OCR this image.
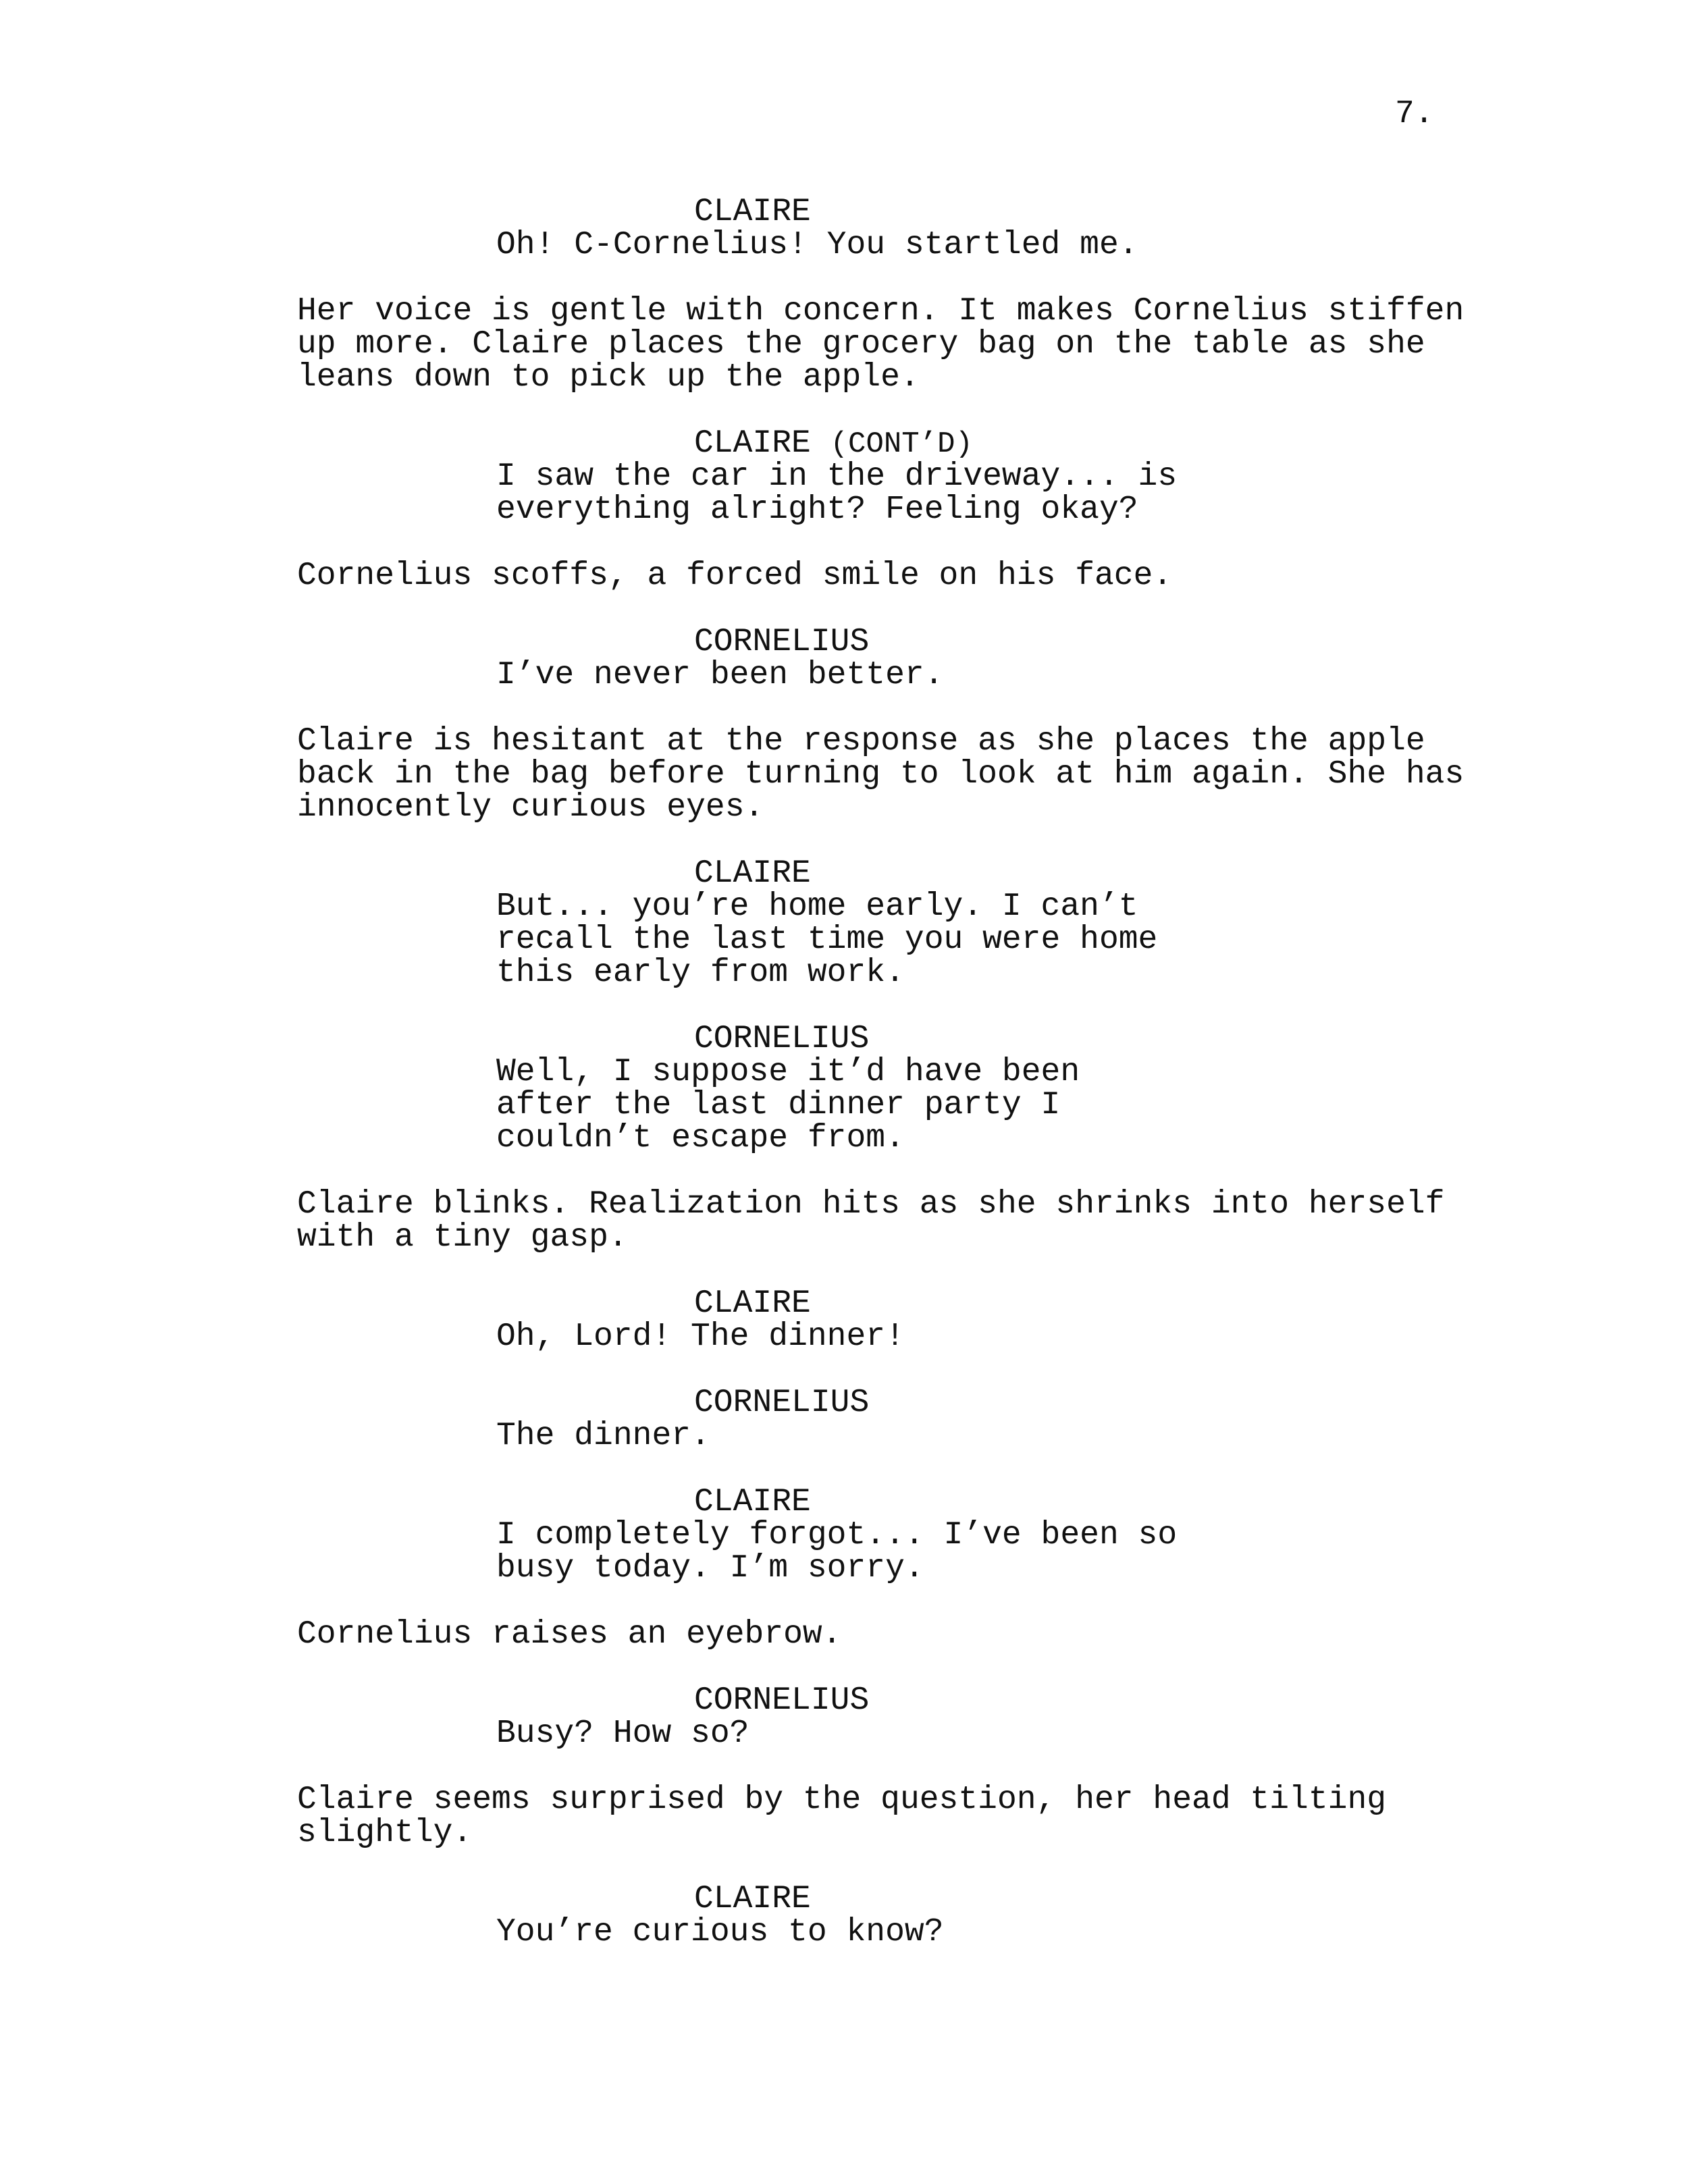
7.
CLAIRE
Oh! C-Cornelius! You startled me.
Her voice is gentle with concern. It makes Cornelius stiffen
up more. Claire places the grocery bag on the table as she
leans down to pick up the apple.
CLAIRE (CONT’D)
I saw the car in the driveway... is
everything alright? Feeling okay?
Cornelius scoffs, a forced smile on his face.
CORNELIUS
I’ve never been better.
Claire is hesitant at the response as she places the apple
back in the bag before turning to look at him again. She has
innocently curious eyes.
CLAIRE
But... you’re home early. I can’t
recall the last time you were home
this early from work.
CORNELIUS
Well, I suppose it’d have been
after the last dinner party I
couldn’t escape from.
Claire blinks. Realization hits as she shrinks into herself
with a tiny gasp.
CLAIRE
Oh, Lord! The dinner!
CORNELIUS
The dinner.
CLAIRE
I completely forgot... I’ve been so
busy today. I’m sorry.
Cornelius raises an eyebrow.
CORNELIUS
Busy? How so?
Claire seems surprised by the question, her head tilting
slightly.
CLAIRE
You’re curious to know?
